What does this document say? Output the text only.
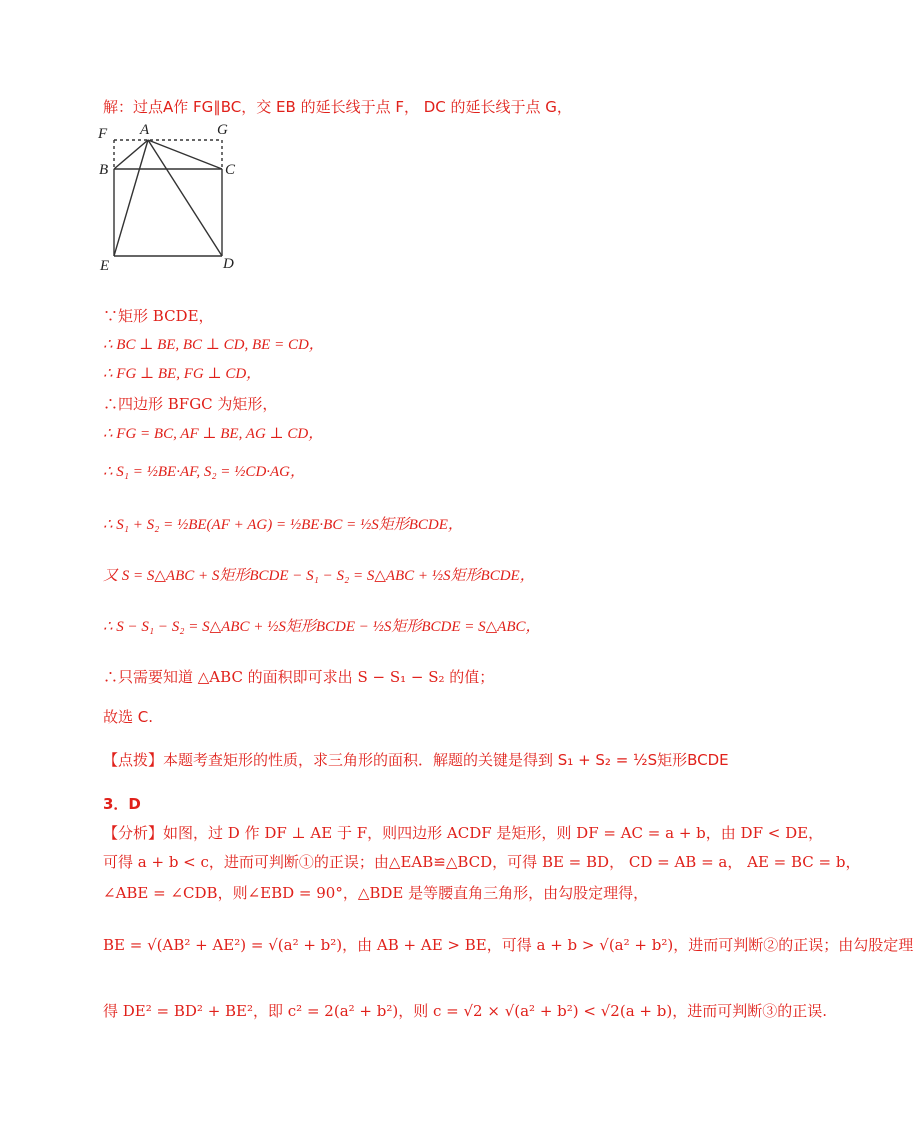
F A	G
B	C
E	D

解：过点A作 FG∥BC，交 EB 的延长线于点 F， DC 的延长线于点 G，

∵矩形 BCDE，

∴ BC ⊥ BE, BC ⊥ CD, BE = CD，

∴ FG ⊥ BE, FG ⊥ CD，

∴四边形 BFGC 为矩形，

∴ FG = BC, AF ⊥ BE, AG ⊥ CD，

∴ S₁ = ½BE·AF, S₂ = ½CD·AG，

∴ S₁ + S₂ = ½BE(AF + AG) = ½BE·BC = ½S矩形BCDE，

又 S = S△ABC + S矩形BCDE − S₁ − S₂ = S△ABC + ½S矩形BCDE，

∴ S − S₁ − S₂ = S△ABC + ½S矩形BCDE − ½S矩形BCDE = S△ABC，

∴只需要知道 △ABC 的面积即可求出 S − S₁ − S₂ 的值；

故选 C.

【点拨】本题考查矩形的性质，求三角形的面积．解题的关键是得到 S₁ + S₂ = ½S矩形BCDE

3．D

【分析】如图，过 D 作 DF ⊥ AE 于 F，则四边形 ACDF 是矩形，则 DF = AC = a + b，由 DF < DE，

可得 a + b < c，进而可判断①的正误；由△EAB≌△BCD，可得 BE = BD， CD = AB = a， AE = BC = b，

∠ABE = ∠CDB，则∠EBD = 90°，△BDE 是等腰直角三角形，由勾股定理得，

BE = √(AB² + AE²) = √(a² + b²)，由 AB + AE > BE，可得 a + b > √(a² + b²)，进而可判断②的正误；由勾股定理

得 DE² = BD² + BE²，即 c² = 2(a² + b²)，则 c = √2 × √(a² + b²) < √2(a + b)，进而可判断③的正误.
